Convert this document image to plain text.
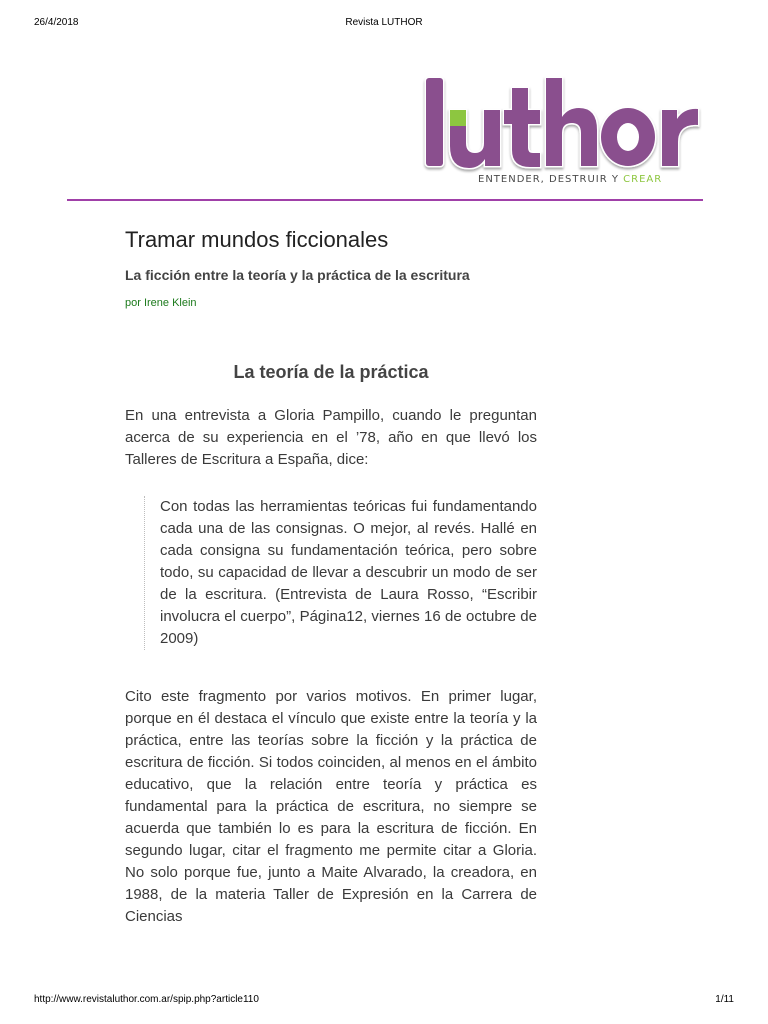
26/4/2018	Revista LUTHOR
ENTENDER, DESTRUIR Y CREAR
Tramar mundos ficcionales
La ficción entre la teoría y la práctica de la escritura

por Irene Klein

La teoría de la práctica

En una entrevista a Gloria Pampillo, cuando le preguntan acerca de su experiencia en el ’78, año en que llevó los Talleres de Escritura a España, dice:

Con todas las herramientas teóricas fui fundamentando cada una de las consignas. O mejor, al revés. Hallé en cada consigna su fundamentación teórica, pero sobre todo, su capacidad de llevar a descubrir un modo de ser de la escritura. (Entrevista de Laura Rosso, “Escribir involucra el cuerpo”, Página12, viernes 16 de octubre de 2009)

Cito este fragmento por varios motivos. En primer lugar, porque en él destaca el vínculo que existe entre la teoría y la práctica, entre las teorías sobre la ficción y la práctica de escritura de ficción. Si todos coinciden, al menos en el ámbito educativo, que la relación entre teoría y práctica es fundamental para la práctica de escritura, no siempre se acuerda que también lo es para la escritura de ficción. En segundo lugar, citar el fragmento me permite citar a Gloria. No solo porque fue, junto a Maite Alvarado, la creadora, en 1988, de la materia Taller de Expresión en la Carrera de Ciencias

http://www.revistaluthor.com.ar/spip.php?article110	1/11
